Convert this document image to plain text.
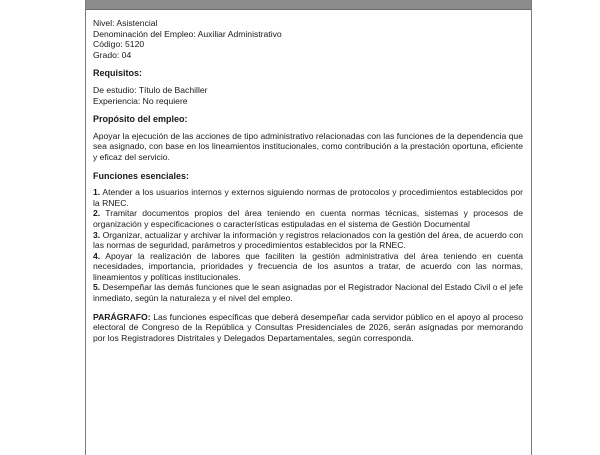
Nivel: Asistencial

Denominación del Empleo: Auxiliar Administrativo

Código: 5120

Grado: 04

Requisitos:

De estudio: Título de Bachiller

Experiencia: No requiere

Propósito del empleo:

Apoyar la ejecución de las acciones de tipo administrativo relacionadas con las funciones de la dependencia que sea asignado, con base en los lineamientos institucionales, como contribución a la prestación oportuna, eficiente y eficaz del servicio.

Funciones esenciales:

1. Atender a los usuarios internos y externos siguiendo normas de protocolos y procedimientos establecidos por la RNEC.

2. Tramitar documentos propios del área teniendo en cuenta normas técnicas, sistemas y procesos de organización y especificaciones o características estipuladas en el sistema de Gestión Documental

3. Organizar, actualizar y archivar la información y registros relacionados con la gestión del área, de acuerdo con las normas de seguridad, parámetros y procedimientos establecidos por la RNEC.

4. Apoyar la realización de labores que faciliten la gestión administrativa del área teniendo en cuenta necesidades, importancia, prioridades y frecuencia de los asuntos a tratar, de acuerdo con las normas, lineamientos y políticas institucionales.

5. Desempeñar las demás funciones que le sean asignadas por el Registrador Nacional del Estado Civil o el jefe inmediato, según la naturaleza y el nivel del empleo.

PARÁGRAFO: Las funciones específicas que deberá desempeñar cada servidor público en el apoyo al proceso electoral de Congreso de la República y Consultas Presidenciales de 2026, serán asignadas por memorando por los Registradores Distritales y Delegados Departamentales, según corresponda.
